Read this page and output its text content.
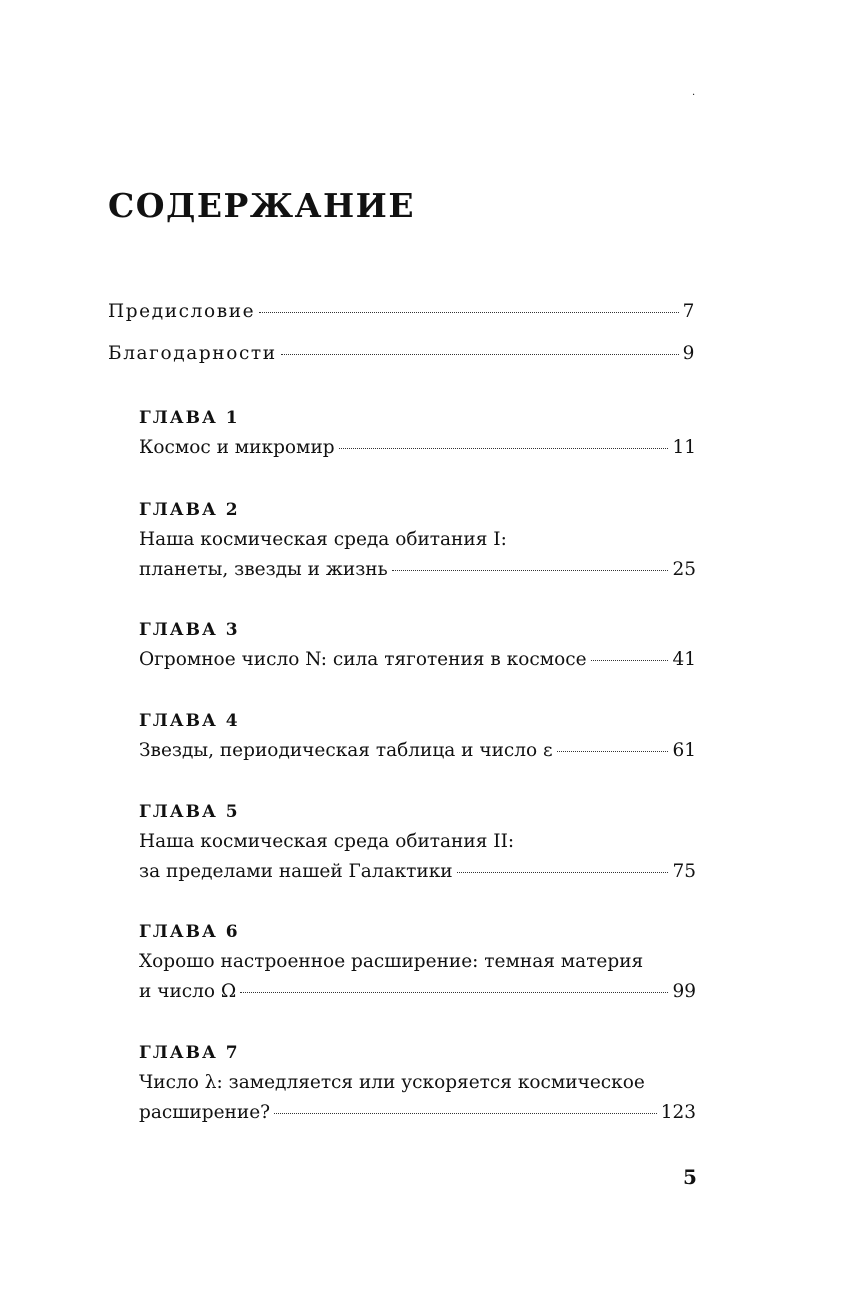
.
СОДЕРЖАНИЕ
Предисловие	7
Благодарности	9
ГЛАВА 1
Космос и микромир	11
ГЛАВА 2
Наша космическая среда обитания I:
планеты, звезды и жизнь	25
ГЛАВА 3
Огромное число N: сила тяготения в космосе	41
ГЛАВА 4
Звезды, периодическая таблица и число ε	61
ГЛАВА 5
Наша космическая среда обитания II:
за пределами нашей Галактики	75
ГЛАВА 6
Хорошо настроенное расширение: темная материя
и число Ω	99
ГЛАВА 7
Число λ: замедляется или ускоряется космическое
расширение?	123
5
